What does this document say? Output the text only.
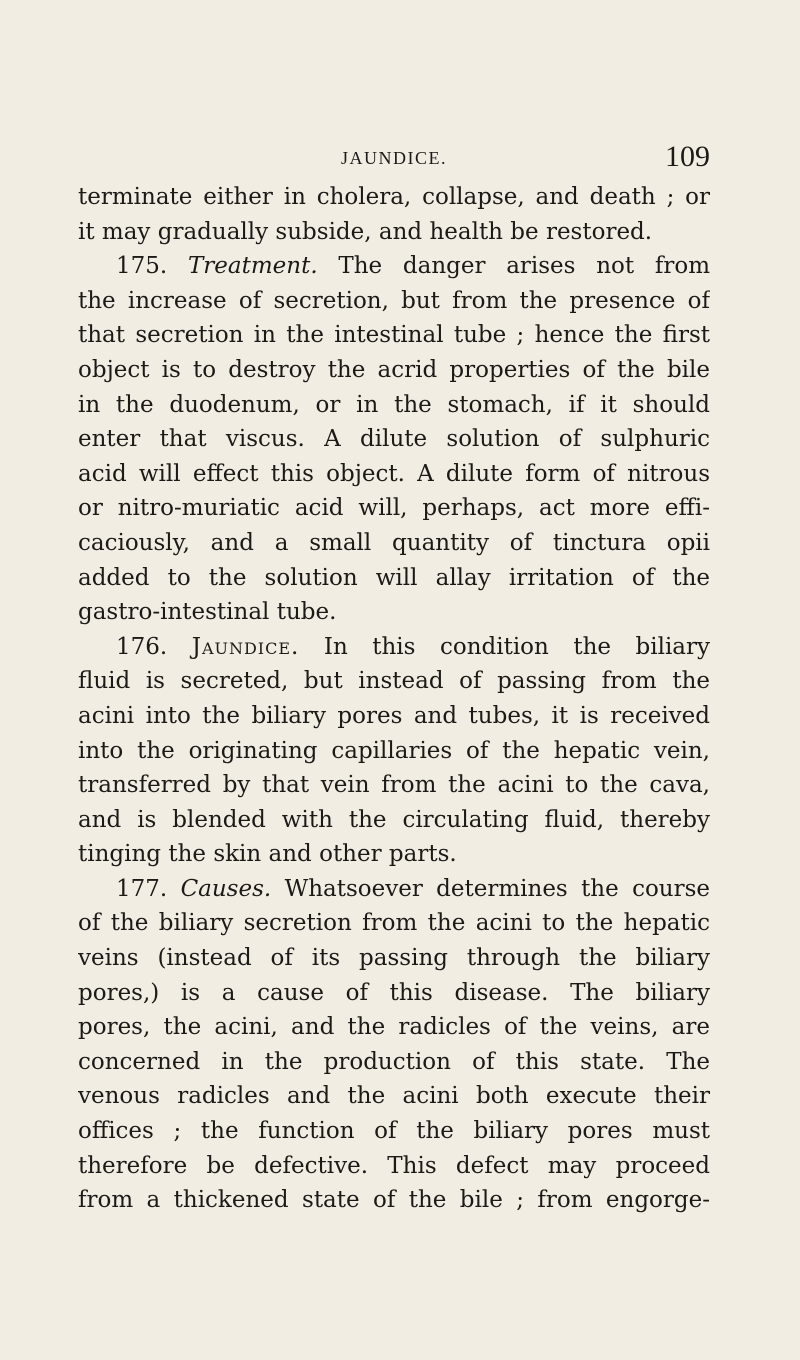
JAUNDICE.	109
terminate either in cholera, collapse, and death ; or
it may gradually subside, and health be restored.
175. Treatment. The danger arises not from
the increase of secretion, but from the presence of
that secretion in the intestinal tube ; hence the first
object is to destroy the acrid properties of the bile
in the duodenum, or in the stomach, if it should
enter that viscus. A dilute solution of sulphuric
acid will effect this object. A dilute form of nitrous
or nitro-muriatic acid will, perhaps, act more effi-
caciously, and a small quantity of tinctura opii
added to the solution will allay irritation of the
gastro-intestinal tube.
176. Jaundice. In this condition the biliary
fluid is secreted, but instead of passing from the
acini into the biliary pores and tubes, it is received
into the originating capillaries of the hepatic vein,
transferred by that vein from the acini to the cava,
and is blended with the circulating fluid, thereby
tinging the skin and other parts.
177. Causes. Whatsoever determines the course
of the biliary secretion from the acini to the hepatic
veins (instead of its passing through the biliary
pores,) is a cause of this disease. The biliary
pores, the acini, and the radicles of the veins, are
concerned in the production of this state. The
venous radicles and the acini both execute their
offices ; the function of the biliary pores must
therefore be defective. This defect may proceed
from a thickened state of the bile ; from engorge-
